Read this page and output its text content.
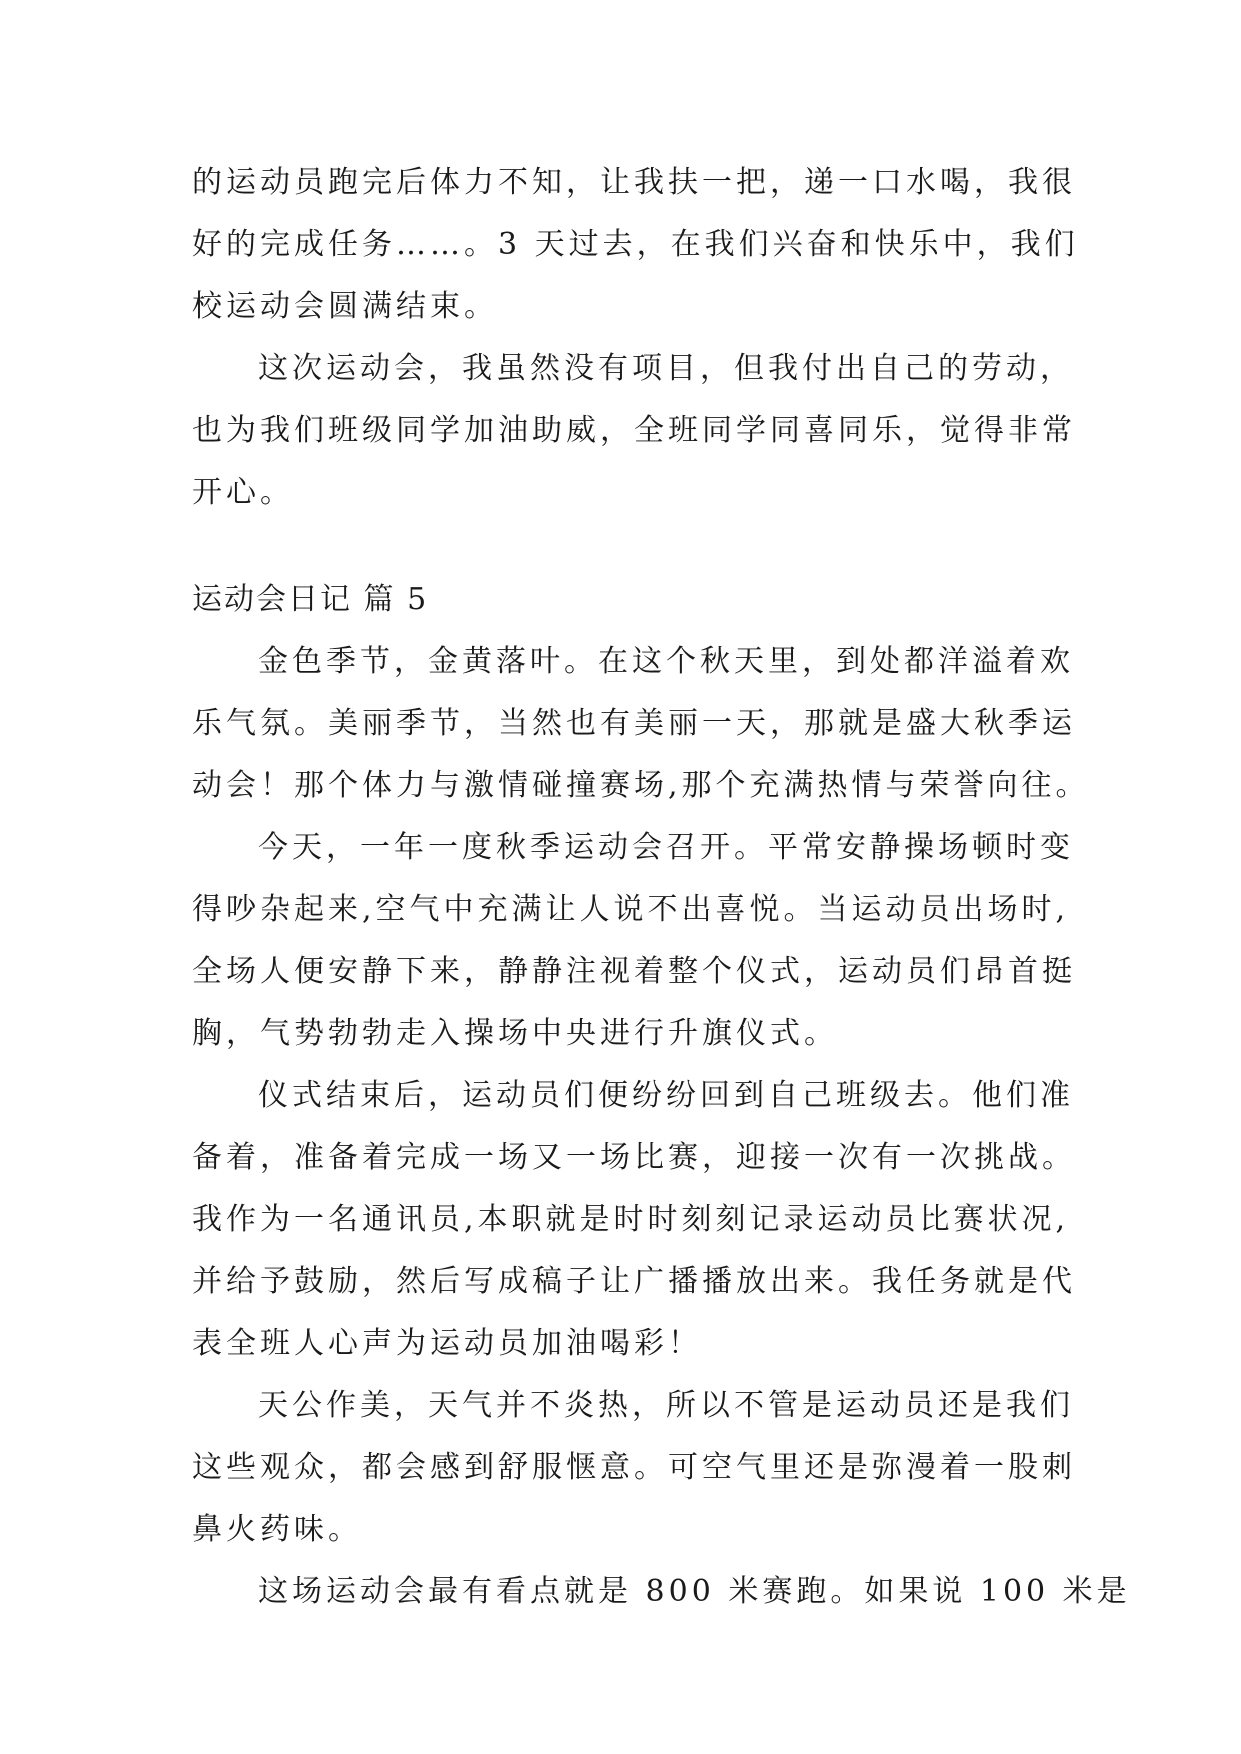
的运动员跑完后体力不知，让我扶一把，递一口水喝，我很
好的完成任务……。3 天过去，在我们兴奋和快乐中，我们
校运动会圆满结束。
这次运动会，我虽然没有项目，但我付出自己的劳动，
也为我们班级同学加油助威，全班同学同喜同乐，觉得非常
开心。
运动会日记 篇 5
金色季节，金黄落叶。在这个秋天里，到处都洋溢着欢
乐气氛。美丽季节，当然也有美丽一天，那就是盛大秋季运
动会！那个体力与激情碰撞赛场,那个充满热情与荣誉向往。
今天，一年一度秋季运动会召开。平常安静操场顿时变
得吵杂起来,空气中充满让人说不出喜悦。当运动员出场时,
全场人便安静下来，静静注视着整个仪式，运动员们昂首挺
胸，气势勃勃走入操场中央进行升旗仪式。
仪式结束后，运动员们便纷纷回到自己班级去。他们准
备着，准备着完成一场又一场比赛，迎接一次有一次挑战。
我作为一名通讯员,本职就是时时刻刻记录运动员比赛状况,
并给予鼓励，然后写成稿子让广播播放出来。我任务就是代
表全班人心声为运动员加油喝彩！
天公作美，天气并不炎热，所以不管是运动员还是我们
这些观众，都会感到舒服惬意。可空气里还是弥漫着一股刺
鼻火药味。
这场运动会最有看点就是 800 米赛跑。如果说 100 米是
